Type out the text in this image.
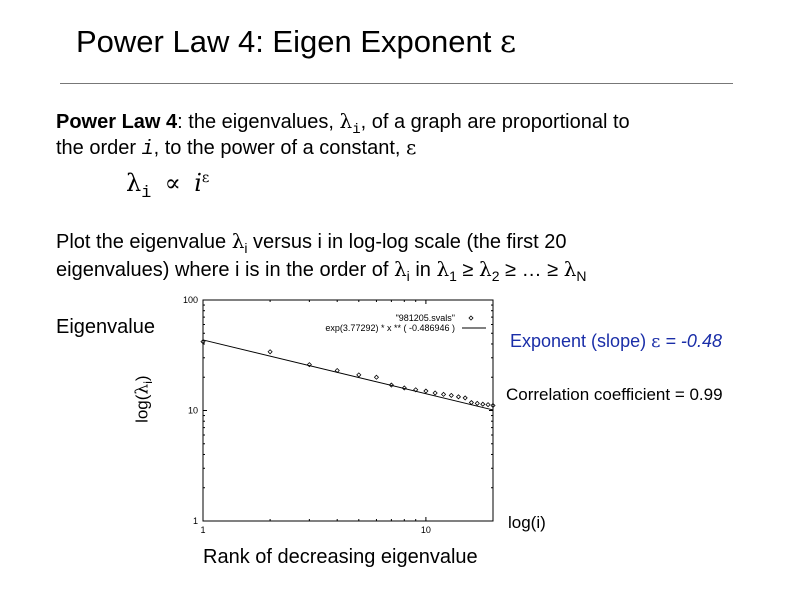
Power Law 4: Eigen Exponent ε
Power Law 4: the eigenvalues, $\lambda_i$, of a graph are proportional to
the order i, to the power of a constant, ε
$\lambda_i \propto i^\varepsilon$
Plot the eigenvalue $\lambda_i$ versus i in log-log scale (the first 20
eigenvalues) where i is in the order of $\lambda_i$ in $\lambda_1 \ge \lambda_2$ ≥ … ≥ $\lambda_N$
Eigenvalue
Exponent (slope) ε = -0.48
Correlation coefficient = 0.99
log(i)
Rank of decreasing eigenvalue
$\log(\lambda_i)$
1
10
100
1	10
"981205.svals"
exp(3.77292) * x ** ( -0.486946 )
